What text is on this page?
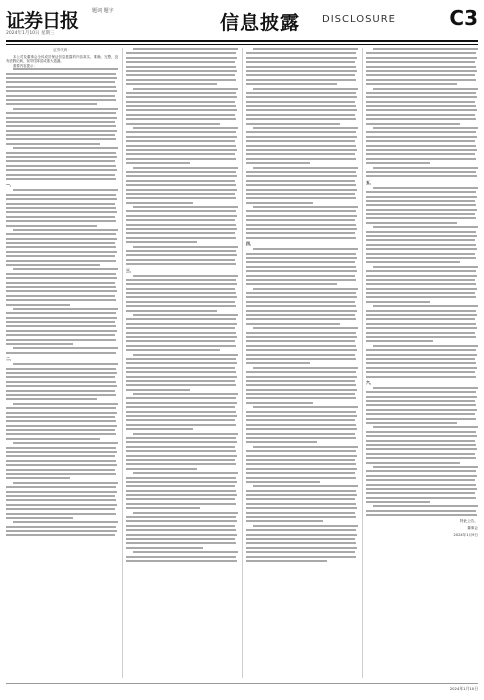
证券日报	题词 题字
2024年1月10日 星期三	信息披露 DISCLOSURE	C3
证券代码：

本公司及董事会全体成员保证信息披露的内容真实、准确、完整，没有虚假记载、误导性陈述或重大遗漏。

重要内容提示：

一、
二、
三、
四、
五、
六、
特此公告。
董事会
2024年1月9日
2024年1月10日
